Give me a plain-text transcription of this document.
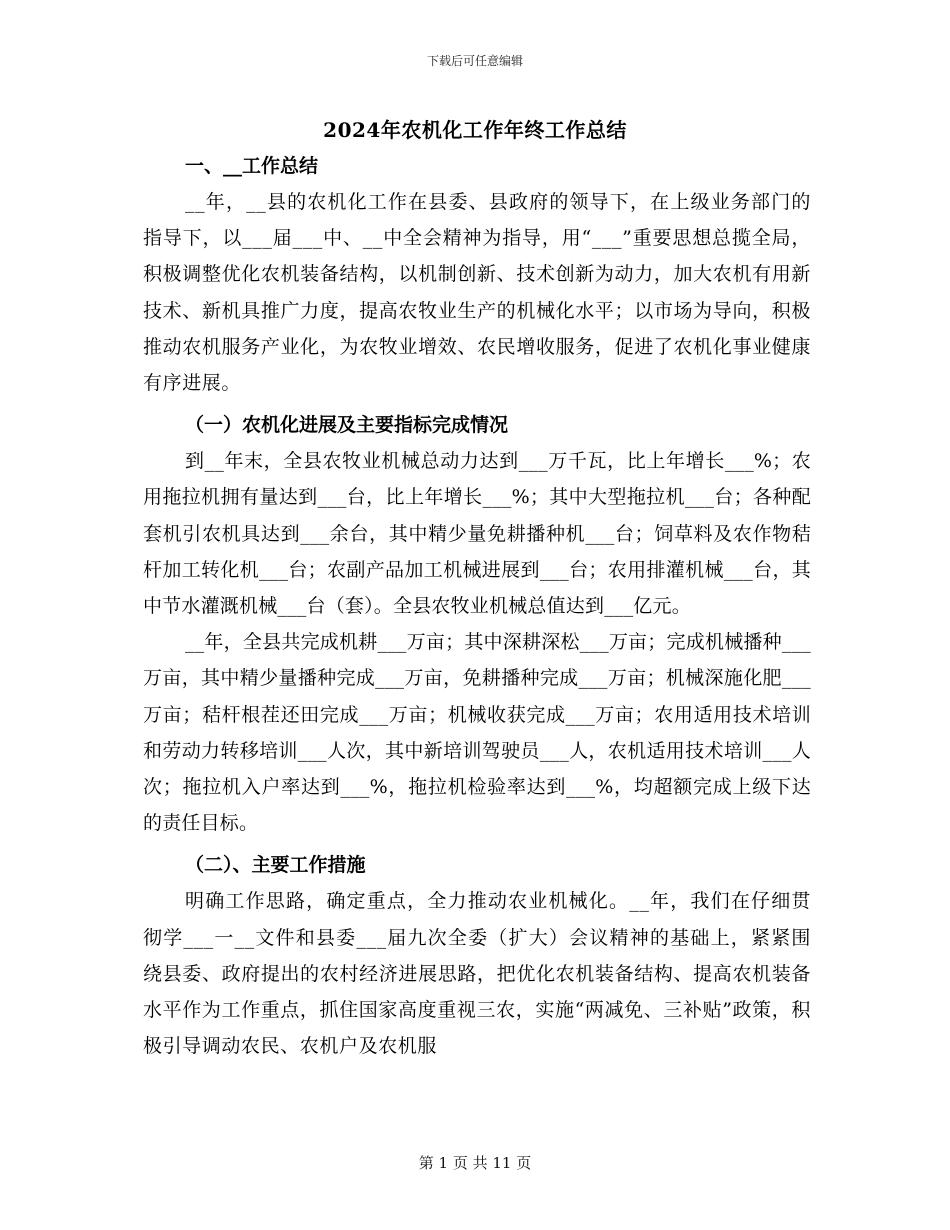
下载后可任意编辑
2024年农机化工作年终工作总结

一、__工作总结

__年，__县的农机化工作在县委、县政府的领导下，在上级业务部门的指导下，以___届___中、__中全会精神为指导，用“___”重要思想总揽全局，积极调整优化农机装备结构，以机制创新、技术创新为动力，加大农机有用新技术、新机具推广力度，提高农牧业生产的机械化水平；以市场为导向，积极推动农机服务产业化，为农牧业增效、农民增收服务，促进了农机化事业健康有序进展。

（一）农机化进展及主要指标完成情况

到__年末，全县农牧业机械总动力达到___万千瓦，比上年增长___%；农用拖拉机拥有量达到___台，比上年增长___%；其中大型拖拉机___台；各种配套机引农机具达到___余台，其中精少量免耕播种机___台；饲草料及农作物秸杆加工转化机___台；农副产品加工机械进展到___台；农用排灌机械___台，其中节水灌溉机械___台（套）。全县农牧业机械总值达到___亿元。

__年，全县共完成机耕___万亩；其中深耕深松___万亩；完成机械播种___万亩，其中精少量播种完成___万亩，免耕播种完成___万亩；机械深施化肥___万亩；秸杆根茬还田完成___万亩；机械收获完成___万亩；农用适用技术培训和劳动力转移培训___人次，其中新培训驾驶员___人，农机适用技术培训___人次；拖拉机入户率达到___%，拖拉机检验率达到___%，均超额完成上级下达的责任目标。

（二）、主要工作措施

明确工作思路，确定重点，全力推动农业机械化。__年，我们在仔细贯彻学___一__文件和县委___届九次全委（扩大）会议精神的基础上，紧紧围绕县委、政府提出的农村经济进展思路，把优化农机装备结构、提高农机装备水平作为工作重点，抓住国家高度重视三农，实施“两减免、三补贴”政策，积极引导调动农民、农机户及农机服

第 1 页 共 11 页
